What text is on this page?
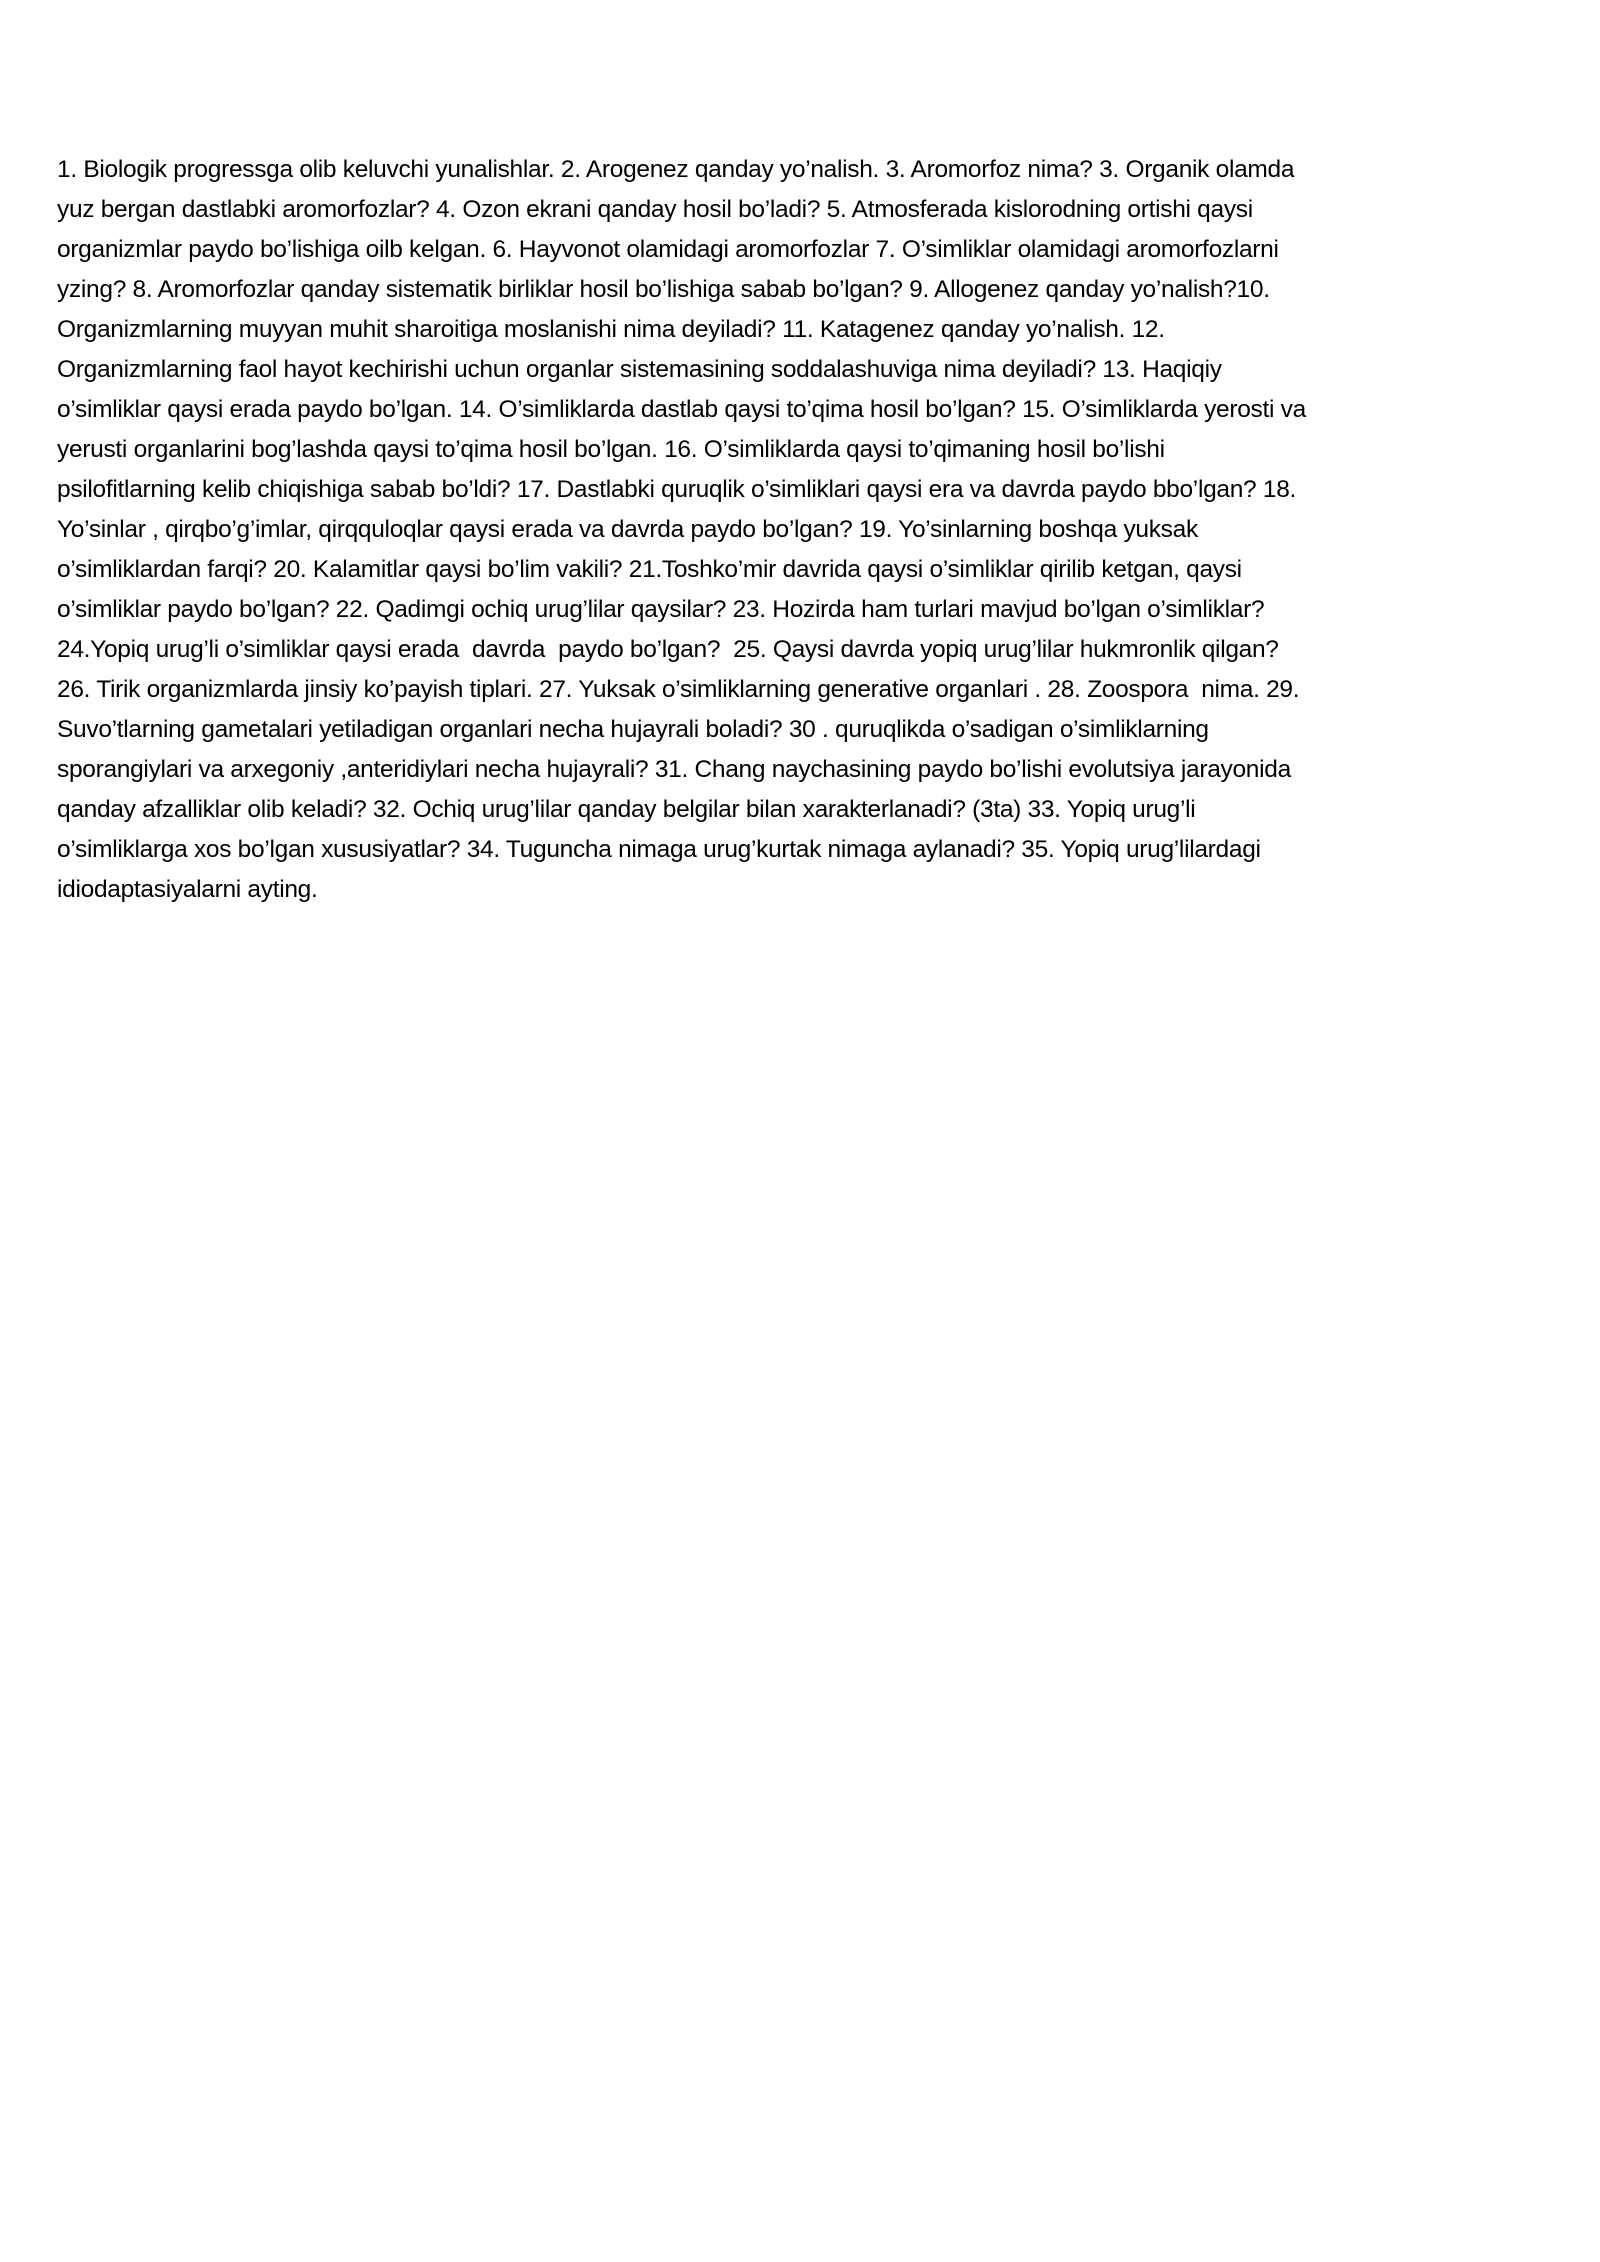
1. Biologik progressga olib keluvchi yunalishlar. 2. Arogenez qanday yo’nalish. 3. Aromorfoz nima? 3. Organik olamda
yuz bergan dastlabki aromorfozlar? 4. Ozon ekrani qanday hosil bo’ladi? 5. Atmosferada kislorodning ortishi qaysi
organizmlar paydo bo’lishiga oilb kelgan. 6. Hayvonot olamidagi aromorfozlar 7. O’simliklar olamidagi aromorfozlarni
yzing? 8. Aromorfozlar qanday sistematik birliklar hosil bo’lishiga sabab bo’lgan? 9. Allogenez qanday yo’nalish?10.
Organizmlarning muyyan muhit sharoitiga moslanishi nima deyiladi? 11. Katagenez qanday yo’nalish. 12.
Organizmlarning faol hayot kechirishi uchun organlar sistemasining soddalashuviga nima deyiladi? 13. Haqiqiy
o’simliklar qaysi erada paydo bo’lgan. 14. O’simliklarda dastlab qaysi to’qima hosil bo’lgan? 15. O’simliklarda yerosti va
yerusti organlarini bog’lashda qaysi to’qima hosil bo’lgan. 16. O’simliklarda qaysi to’qimaning hosil bo’lishi
psilofitlarning kelib chiqishiga sabab bo’ldi? 17. Dastlabki quruqlik o’simliklari qaysi era va davrda paydo bbo’lgan? 18.
Yo’sinlar , qirqbo’g’imlar, qirqquloqlar qaysi erada va davrda paydo bo’lgan? 19. Yo’sinlarning boshqa yuksak
o’simliklardan farqi? 20. Kalamitlar qaysi bo’lim vakili? 21.Toshko’mir davrida qaysi o’simliklar qirilib ketgan, qaysi
o’simliklar paydo bo’lgan? 22. Qadimgi ochiq urug’lilar qaysilar? 23. Hozirda ham turlari mavjud bo’lgan o’simliklar?
24.Yopiq urug’li o’simliklar qaysi erada  davrda  paydo bo’lgan?  25. Qaysi davrda yopiq urug’lilar hukmronlik qilgan?
26. Tirik organizmlarda jinsiy ko’payish tiplari. 27. Yuksak o’simliklarning generative organlari . 28. Zoospora  nima. 29.
Suvo’tlarning gametalari yetiladigan organlari necha hujayrali boladi? 30 . quruqlikda o’sadigan o’simliklarning
sporangiylari va arxegoniy ,anteridiylari necha hujayrali? 31. Chang naychasining paydo bo’lishi evolutsiya jarayonida
qanday afzalliklar olib keladi? 32. Ochiq urug’lilar qanday belgilar bilan xarakterlanadi? (3ta) 33. Yopiq urug’li
o’simliklarga xos bo’lgan xususiyatlar? 34. Tuguncha nimaga urug’kurtak nimaga aylanadi? 35. Yopiq urug’lilardagi
idiodaptasiyalarni ayting.
